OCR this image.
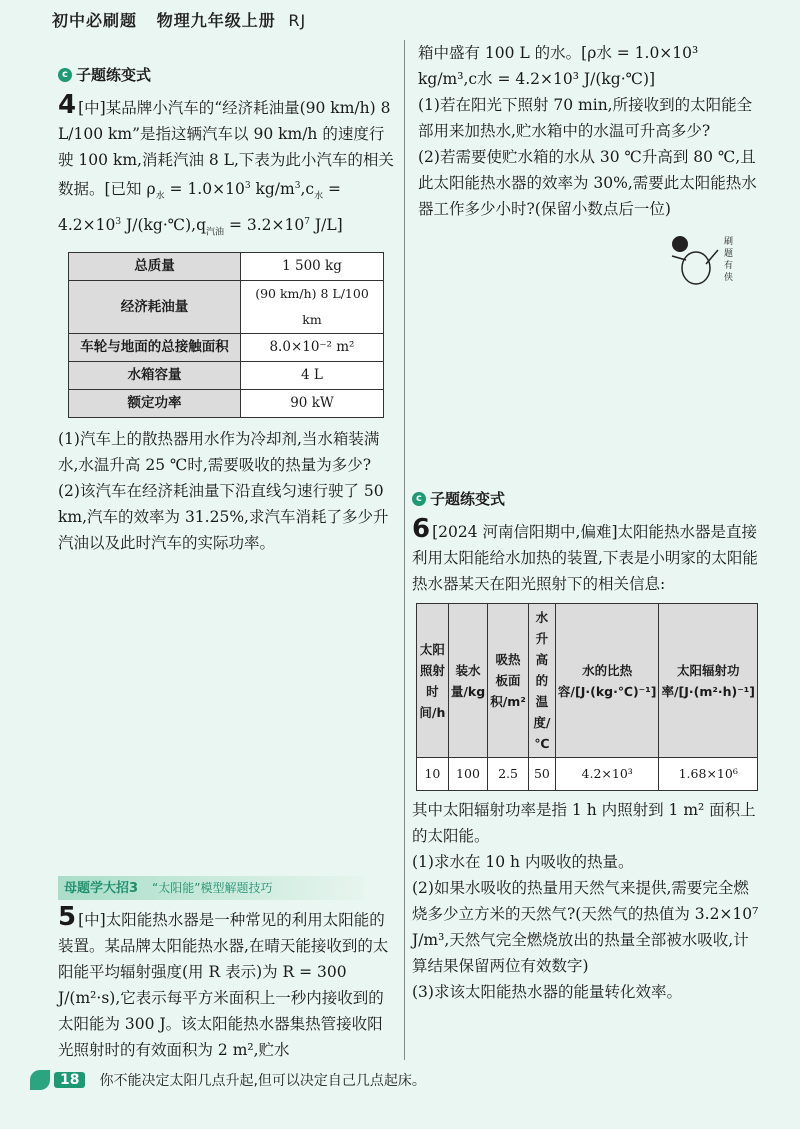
初中必刷题 物理九年级上册 RJ
c 子题练变式

4 [中]某品牌小汽车的“经济耗油量(90 km/h) 8 L/100 km”是指这辆汽车以 90 km/h 的速度行驶 100 km,消耗汽油 8 L,下表为此小汽车的相关数据。[已知 $\rho_水 = 1.0\times 10^3$ $kg/m^3,c_水 = 4.2\times 10^3$ $J/(kg\cdot℃),q_{汽油} = 3.2\times 10^7$ J/L]

总质量	1 500 kg
经济耗油量	(90 km/h) 8 L/100 km
车轮与地面的总接触面积	8.0×10⁻² m²
水箱容量	4 L
额定功率	90 kW

(1)汽车上的散热器用水作为冷却剂,当水箱装满水,水温升高 25 ℃时,需要吸收的热量为多少?

(2)该汽车在经济耗油量下沿直线匀速行驶了 50 km,汽车的效率为 31.25%,求汽车消耗了多少升汽油以及此时汽车的实际功率。

母题学大招3 “太阳能”模型解题技巧

5 [中]太阳能热水器是一种常见的利用太阳能的装置。某品牌太阳能热水器,在晴天能接收到的太阳能平均辐射强度(用 R 表示)为 R = 300 J/(m²·s),它表示每平方米面积上一秒内接收到的太阳能为 300 J。该太阳能热水器集热管接收阳光照射时的有效面积为 2 m²,贮水

箱中盛有 100 L 的水。[ρ水 = 1.0×10³ kg/m³,c水 = 4.2×10³ J/(kg·℃)]

(1)若在阳光下照射 70 min,所接收到的太阳能全部用来加热水,贮水箱中的水温可升高多少?

(2)若需要使贮水箱的水从 30 ℃升高到 80 ℃,且此太阳能热水器的效率为 30%,需要此太阳能热水器工作多少小时?(保留小数点后一位)

刷
题
有
侠
c 子题练变式

6 [2024 河南信阳期中,偏难]太阳能热水器是直接利用太阳能给水加热的装置,下表是小明家的太阳能热水器某天在阳光照射下的相关信息:

太阳照射时间/h	装水量/kg	吸热板面积/m²	水升高的温度/℃	水的比热容/[J·(kg·℃)⁻¹]	太阳辐射功率/[J·(m²·h)⁻¹]
10	100	2.5	50	4.2×10³	1.68×10⁶

其中太阳辐射功率是指 1 h 内照射到 1 m² 面积上的太阳能。

(1)求水在 10 h 内吸收的热量。

(2)如果水吸收的热量用天然气来提供,需要完全燃烧多少立方米的天然气?(天然气的热值为 3.2×10⁷ J/m³,天然气完全燃烧放出的热量全部被水吸收,计算结果保留两位有效数字)

(3)求该太阳能热水器的能量转化效率。

18	你不能决定太阳几点升起,但可以决定自己几点起床。
